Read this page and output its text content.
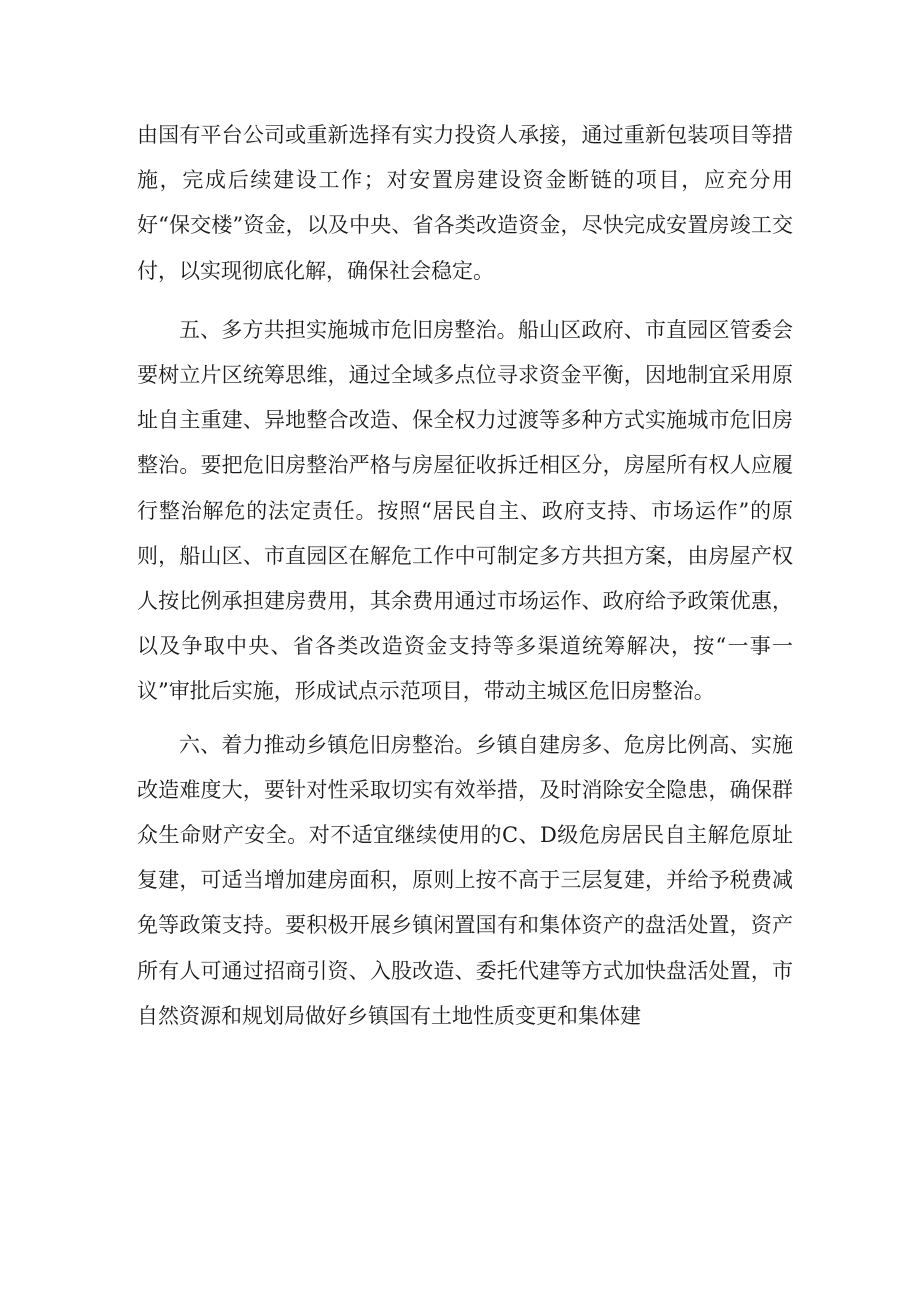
由国有平台公司或重新选择有实力投资人承接，通过重新包装项目等措施，完成后续建设工作；对安置房建设资金断链的项目，应充分用好“保交楼”资金，以及中央、省各类改造资金，尽快完成安置房竣工交付，以实现彻底化解，确保社会稳定。

五、多方共担实施城市危旧房整治。船山区政府、市直园区管委会要树立片区统筹思维，通过全域多点位寻求资金平衡，因地制宜采用原址自主重建、异地整合改造、保全权力过渡等多种方式实施城市危旧房整治。要把危旧房整治严格与房屋征收拆迁相区分，房屋所有权人应履行整治解危的法定责任。按照“居民自主、政府支持、市场运作”的原则，船山区、市直园区在解危工作中可制定多方共担方案，由房屋产权人按比例承担建房费用，其余费用通过市场运作、政府给予政策优惠，以及争取中央、省各类改造资金支持等多渠道统筹解决，按“一事一议”审批后实施，形成试点示范项目，带动主城区危旧房整治。

六、着力推动乡镇危旧房整治。乡镇自建房多、危房比例高、实施改造难度大，要针对性采取切实有效举措，及时消除安全隐患，确保群众生命财产安全。对不适宜继续使用的C、D级危房居民自主解危原址复建，可适当增加建房面积，原则上按不高于三层复建，并给予税费减免等政策支持。要积极开展乡镇闲置国有和集体资产的盘活处置，资产所有人可通过招商引资、入股改造、委托代建等方式加快盘活处置，市自然资源和规划局做好乡镇国有土地性质变更和集体建
